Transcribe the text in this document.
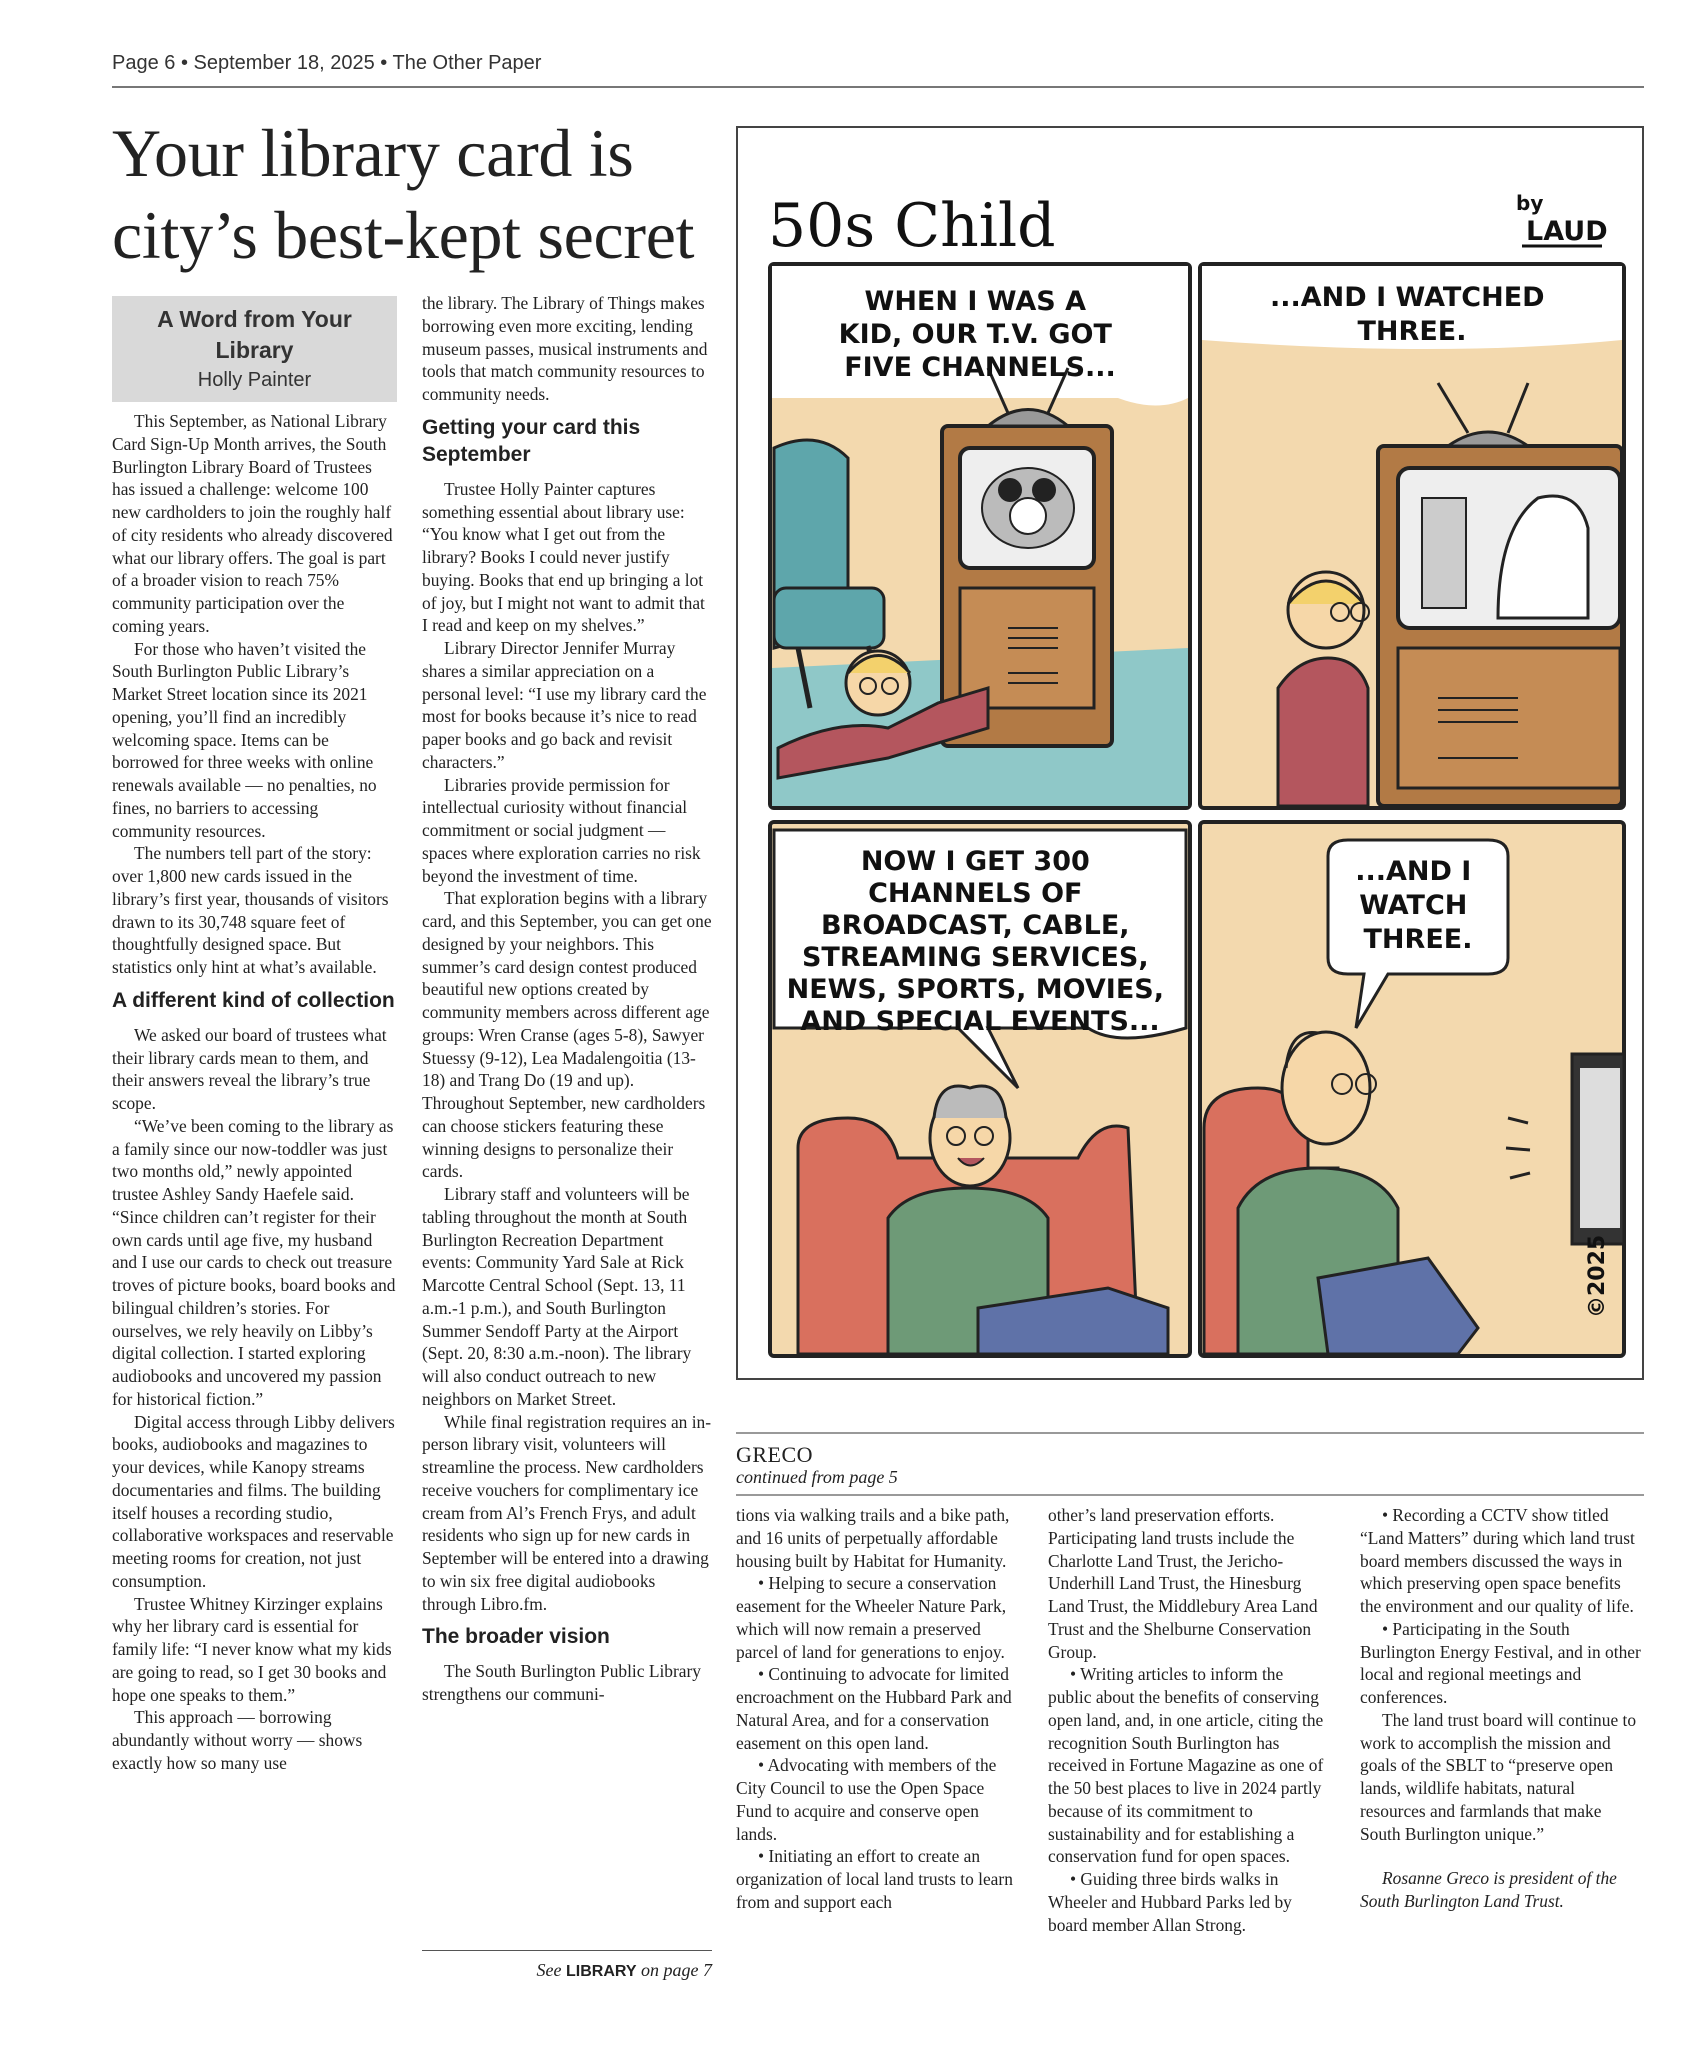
Page 6 • September 18, 2025 • The Other Paper
Your library card is city’s best-kept secret
A Word from Your Library
Holly Painter

This September, as National Library Card Sign-Up Month arrives, the South Burlington Library Board of Trustees has issued a challenge: welcome 100 new cardholders to join the roughly half of city residents who already discovered what our library offers. The goal is part of a broader vision to reach 75% community participation over the coming years.

For those who haven’t visited the South Burlington Public Library’s Market Street location since its 2021 opening, you’ll find an incredibly welcoming space. Items can be borrowed for three weeks with online renewals available — no penalties, no fines, no barriers to accessing community resources.

The numbers tell part of the story: over 1,800 new cards issued in the library’s first year, thousands of visitors drawn to its 30,748 square feet of thoughtfully designed space. But statistics only hint at what’s available.

A different kind of collection

We asked our board of trustees what their library cards mean to them, and their answers reveal the library’s true scope.

“We’ve been coming to the library as a family since our now-toddler was just two months old,” newly appointed trustee Ashley Sandy Haefele said. “Since children can’t register for their own cards until age five, my husband and I use our cards to check out treasure troves of picture books, board books and bilingual children’s stories. For ourselves, we rely heavily on Libby’s digital collection. I started exploring audiobooks and uncovered my passion for historical fiction.”

Digital access through Libby delivers books, audiobooks and magazines to your devices, while Kanopy streams documentaries and films. The building itself houses a recording studio, collaborative workspaces and reservable meeting rooms for creation, not just consumption.

Trustee Whitney Kirzinger explains why her library card is essential for family life: “I never know what my kids are going to read, so I get 30 books and hope one speaks to them.”

This approach — borrowing abundantly without worry — shows exactly how so many use

the library. The Library of Things makes borrowing even more exciting, lending museum passes, musical instruments and tools that match community resources to community needs.

Getting your card this September

Trustee Holly Painter captures something essential about library use: “You know what I get out from the library? Books I could never justify buying. Books that end up bringing a lot of joy, but I might not want to admit that I read and keep on my shelves.”

Library Director Jennifer Murray shares a similar appreciation on a personal level: “I use my library card the most for books because it’s nice to read paper books and go back and revisit characters.”

Libraries provide permission for intellectual curiosity without financial commitment or social judgment — spaces where exploration carries no risk beyond the investment of time.

That exploration begins with a library card, and this September, you can get one designed by your neighbors. This summer’s card design contest produced beautiful new options created by community members across different age groups: Wren Cranse (ages 5-8), Sawyer Stuessy (9-12), Lea Madalengoitia (13-18) and Trang Do (19 and up). Throughout September, new cardholders can choose stickers featuring these winning designs to personalize their cards.

Library staff and volunteers will be tabling throughout the month at South Burlington Recreation Department events: Community Yard Sale at Rick Marcotte Central School (Sept. 13, 11 a.m.-1 p.m.), and South Burlington Summer Sendoff Party at the Airport (Sept. 20, 8:30 a.m.-noon). The library will also conduct outreach to new neighbors on Market Street.

While final registration requires an in-person library visit, volunteers will streamline the process. New cardholders receive vouchers for complimentary ice cream from Al’s French Frys, and adult residents who sign up for new cards in September will be entered into a drawing to win six free digital audiobooks through Libro.fm.

The broader vision

The South Burlington Public Library strengthens our communi-

See LIBRARY on page 7
50s Child	by
LAUD
WHEN I WAS A KID, OUR T.V. GOT FIVE CHANNELS...
...AND I WATCHED THREE.
NOW I GET 300 CHANNELS OF BROADCAST, CABLE, STREAMING SERVICES, NEWS, SPORTS, MOVIES, AND SPECIAL EVENTS...
©2025
...AND I WATCH THREE.
GRECO
continued from page 5

tions via walking trails and a bike path, and 16 units of perpetually affordable housing built by Habitat for Humanity.

• Helping to secure a conservation easement for the Wheeler Nature Park, which will now remain a preserved parcel of land for generations to enjoy.

• Continuing to advocate for limited encroachment on the Hubbard Park and Natural Area, and for a conservation easement on this open land.

• Advocating with members of the City Council to use the Open Space Fund to acquire and conserve open lands.

• Initiating an effort to create an organization of local land trusts to learn from and support each

other’s land preservation efforts. Participating land trusts include the Charlotte Land Trust, the Jericho-Underhill Land Trust, the Hinesburg Land Trust, the Middlebury Area Land Trust and the Shelburne Conservation Group.

• Writing articles to inform the public about the benefits of conserving open land, and, in one article, citing the recognition South Burlington has received in Fortune Magazine as one of the 50 best places to live in 2024 partly because of its commitment to sustainability and for establishing a conservation fund for open spaces.

• Guiding three birds walks in Wheeler and Hubbard Parks led by board member Allan Strong.

• Recording a CCTV show titled “Land Matters” during which land trust board members discussed the ways in which preserving open space benefits the environment and our quality of life.

• Participating in the South Burlington Energy Festival, and in other local and regional meetings and conferences.

The land trust board will continue to work to accomplish the mission and goals of the SBLT to “preserve open lands, wildlife habitats, natural resources and farmlands that make South Burlington unique.”

Rosanne Greco is president of the South Burlington Land Trust.
